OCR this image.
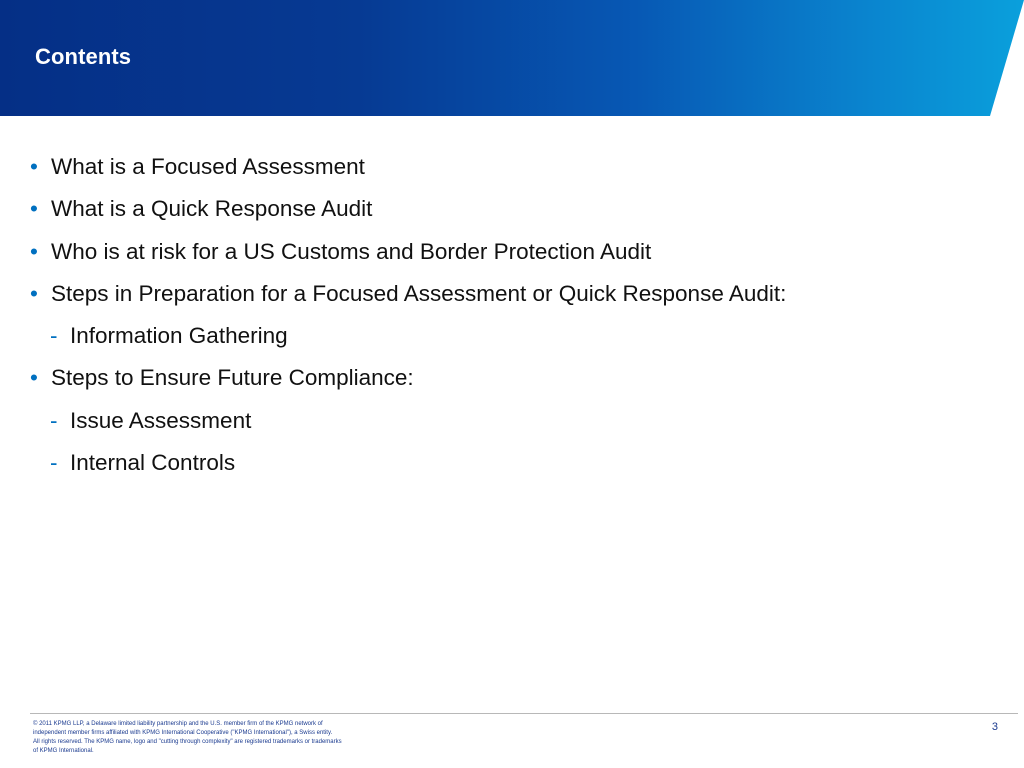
Contents
• What is a Focused Assessment
• What is a Quick Response Audit
• Who is at risk for a US Customs and Border Protection Audit
• Steps in Preparation for a Focused Assessment or Quick Response Audit:
- Information Gathering
• Steps to Ensure Future Compliance:
- Issue Assessment
- Internal Controls

© 2011 KPMG LLP, a Delaware limited liability partnership and the U.S. member firm of the KPMG network of
independent member firms affiliated with KPMG International Cooperative ("KPMG International"), a Swiss entity.
All rights reserved. The KPMG name, logo and "cutting through complexity" are registered trademarks or trademarks
of KPMG International.

3
